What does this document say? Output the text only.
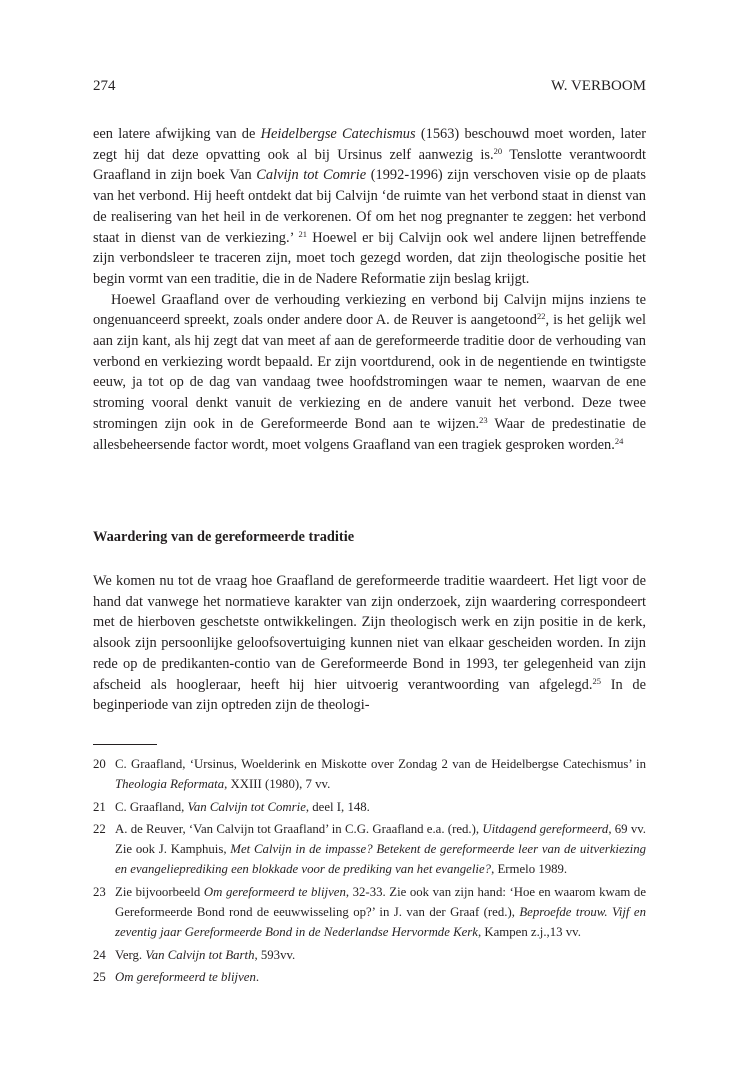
274	W. VERBOOM

een latere afwijking van de Heidelbergse Catechismus (1563) beschouwd moet worden, later zegt hij dat deze opvatting ook al bij Ursinus zelf aanwezig is.$^{20}$ Tenslotte verantwoordt Graafland in zijn boek Van Calvijn tot Comrie (1992-1996) zijn verschoven visie op de plaats van het verbond. Hij heeft ontdekt dat bij Calvijn ‘de ruimte van het verbond staat in dienst van de realisering van het heil in de verkorenen. Of om het nog pregnanter te zeggen: het verbond staat in dienst van de verkiezing.’ $^{21}$ Hoewel er bij Calvijn ook wel andere lijnen betreffende zijn verbondsleer te traceren zijn, moet toch gezegd worden, dat zijn theologische positie het begin vormt van een traditie, die in de Nadere Reformatie zijn beslag krijgt.

Hoewel Graafland over de verhouding verkiezing en verbond bij Calvijn mijns inziens te ongenuanceerd spreekt, zoals onder andere door A. de Reuver is aangetoond$^{22}$, is het gelijk wel aan zijn kant, als hij zegt dat van meet af aan de gereformeerde traditie door de verhouding van verbond en verkiezing wordt bepaald. Er zijn voortdurend, ook in de negentiende en twintigste eeuw, ja tot op de dag van vandaag twee hoofdstromingen waar te nemen, waarvan de ene stroming vooral denkt vanuit de verkiezing en de andere vanuit het verbond. Deze twee stromingen zijn ook in de Gereformeerde Bond aan te wijzen.$^{23}$ Waar de predestinatie de allesbeheersende factor wordt, moet volgens Graafland van een tragiek gesproken worden.$^{24}$

Waardering van de gereformeerde traditie

We komen nu tot de vraag hoe Graafland de gereformeerde traditie waardeert. Het ligt voor de hand dat vanwege het normatieve karakter van zijn onderzoek, zijn waardering correspondeert met de hierboven geschetste ontwikkelingen. Zijn theologisch werk en zijn positie in de kerk, alsook zijn persoonlijke geloofsovertuiging kunnen niet van elkaar gescheiden worden. In zijn rede op de predikanten-contio van de Gereformeerde Bond in 1993, ter gelegenheid van zijn afscheid als hoogleraar, heeft hij hier uitvoerig verantwoording van afgelegd.$^{25}$ In de beginperiode van zijn optreden zijn de theologi-

20 C. Graafland, ‘Ursinus, Woelderink en Miskotte over Zondag 2 van de Heidelbergse Catechismus’ in Theologia Reformata, XXIII (1980), 7 vv.
21 C. Graafland, Van Calvijn tot Comrie, deel I, 148.
22 A. de Reuver, ‘Van Calvijn tot Graafland’ in C.G. Graafland e.a. (red.), Uitdagend gereformeerd, 69 vv. Zie ook J. Kamphuis, Met Calvijn in de impasse? Betekent de gereformeerde leer van de uitverkiezing en evangelieprediking een blokkade voor de prediking van het evangelie?, Ermelo 1989.
23 Zie bijvoorbeeld Om gereformeerd te blijven, 32-33. Zie ook van zijn hand: ‘Hoe en waarom kwam de Gereformeerde Bond rond de eeuwwisseling op?’ in J. van der Graaf (red.), Beproefde trouw. Vijf en zeventig jaar Gereformeerde Bond in de Nederlandse Hervormde Kerk, Kampen z.j.,13 vv.
24 Verg. Van Calvijn tot Barth, 593vv.
25 Om gereformeerd te blijven.
